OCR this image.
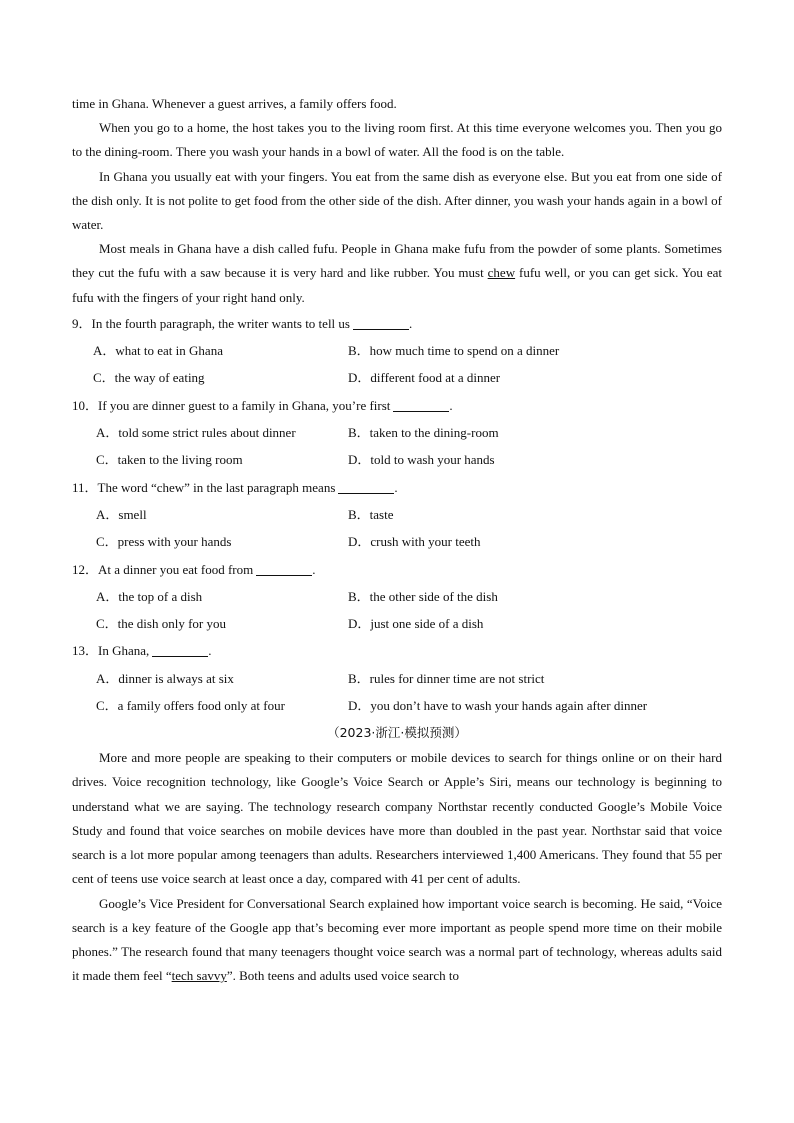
time in Ghana. Whenever a guest arrives, a family offers food.

When you go to a home, the host takes you to the living room first. At this time everyone welcomes you. Then you go to the dining-room. There you wash your hands in a bowl of water. All the food is on the table.

In Ghana you usually eat with your fingers. You eat from the same dish as everyone else. But you eat from one side of the dish only. It is not polite to get food from the other side of the dish. After dinner, you wash your hands again in a bowl of water.

Most meals in Ghana have a dish called fufu. People in Ghana make fufu from the powder of some plants. Sometimes they cut the fufu with a saw because it is very hard and like rubber. You must chew fufu well, or you can get sick. You eat fufu with the fingers of your right hand only.

9．In the fourth paragraph, the writer wants to tell us	.

A．what to eat in Ghana	B．how much time to spend on a dinner
C．the way of eating	D．different food at a dinner

10．If you are dinner guest to a family in Ghana, you’re first	.

A．told some strict rules about dinner	B．taken to the dining-room
C．taken to the living room	D．told to wash your hands

11．The word “chew” in the last paragraph means	.

A．smell	B．taste
C．press with your hands	D．crush with your teeth

12．At a dinner you eat food from	.

A．the top of a dish	B．the other side of the dish
C．the dish only for you	D．just one side of a dish

13．In Ghana,	.

A．dinner is always at six	B．rules for dinner time are not strict
C．a family offers food only at four	D．you don’t have to wash your hands again after dinner

（2023·浙江·模拟预测）

More and more people are speaking to their computers or mobile devices to search for things online or on their hard drives. Voice recognition technology, like Google’s Voice Search or Apple’s Siri, means our technology is beginning to understand what we are saying. The technology research company Northstar recently conducted Google’s Mobile Voice Study and found that voice searches on mobile devices have more than doubled in the past year. Northstar said that voice search is a lot more popular among teenagers than adults. Researchers interviewed 1,400 Americans. They found that 55 per cent of teens use voice search at least once a day, compared with 41 per cent of adults.

Google’s Vice President for Conversational Search explained how important voice search is becoming. He said, “Voice search is a key feature of the Google app that’s becoming ever more important as people spend more time on their mobile phones.” The research found that many teenagers thought voice search was a normal part of technology, whereas adults said it made them feel “tech savvy”. Both teens and adults used voice search to
